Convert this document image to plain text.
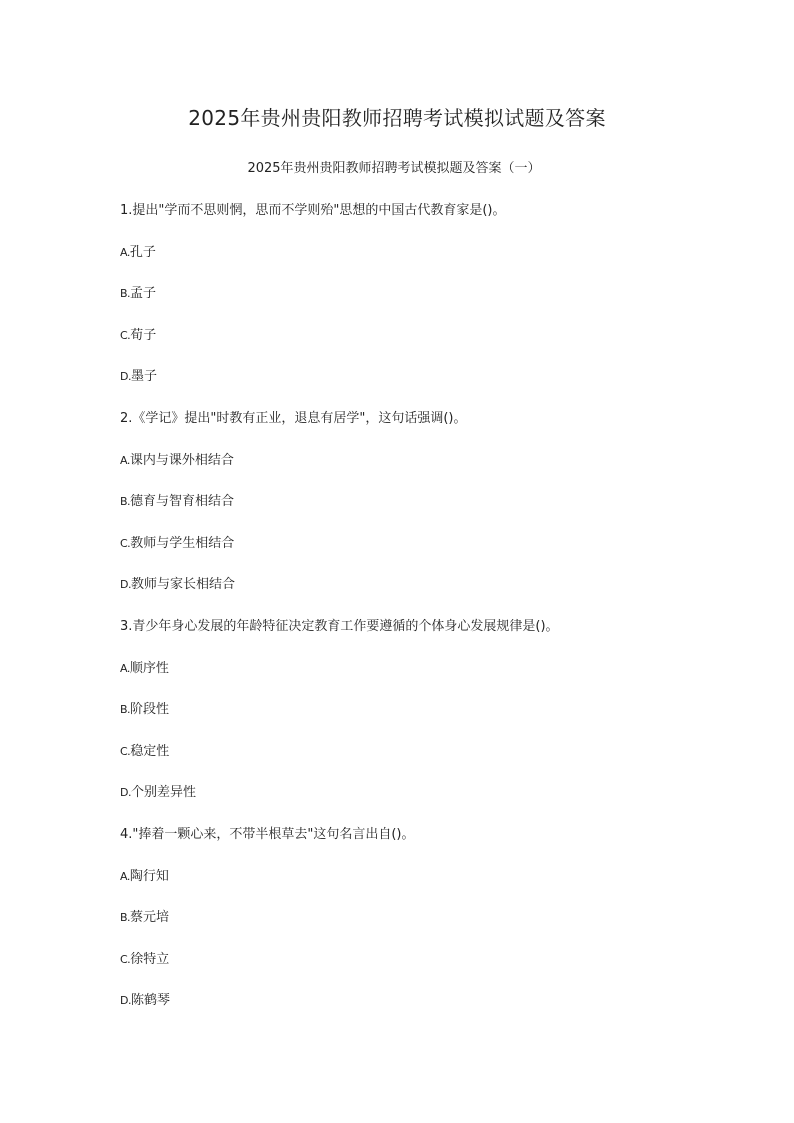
2025年贵州贵阳教师招聘考试模拟试题及答案
2025年贵州贵阳教师招聘考试模拟题及答案（一）
1.提出"学而不思则惘，思而不学则殆"思想的中国古代教育家是()。
A.孔子
B.孟子
C.荀子
D.墨子
2.《学记》提出"时教有正业，退息有居学"，这句话强调()。
A.课内与课外相结合
B.德育与智育相结合
C.教师与学生相结合
D.教师与家长相结合
3.青少年身心发展的年龄特征决定教育工作要遵循的个体身心发展规律是()。
A.顺序性
B.阶段性
C.稳定性
D.个别差异性
4."捧着一颗心来，不带半根草去"这句名言出自()。
A.陶行知
B.蔡元培
C.徐特立
D.陈鹤琴
